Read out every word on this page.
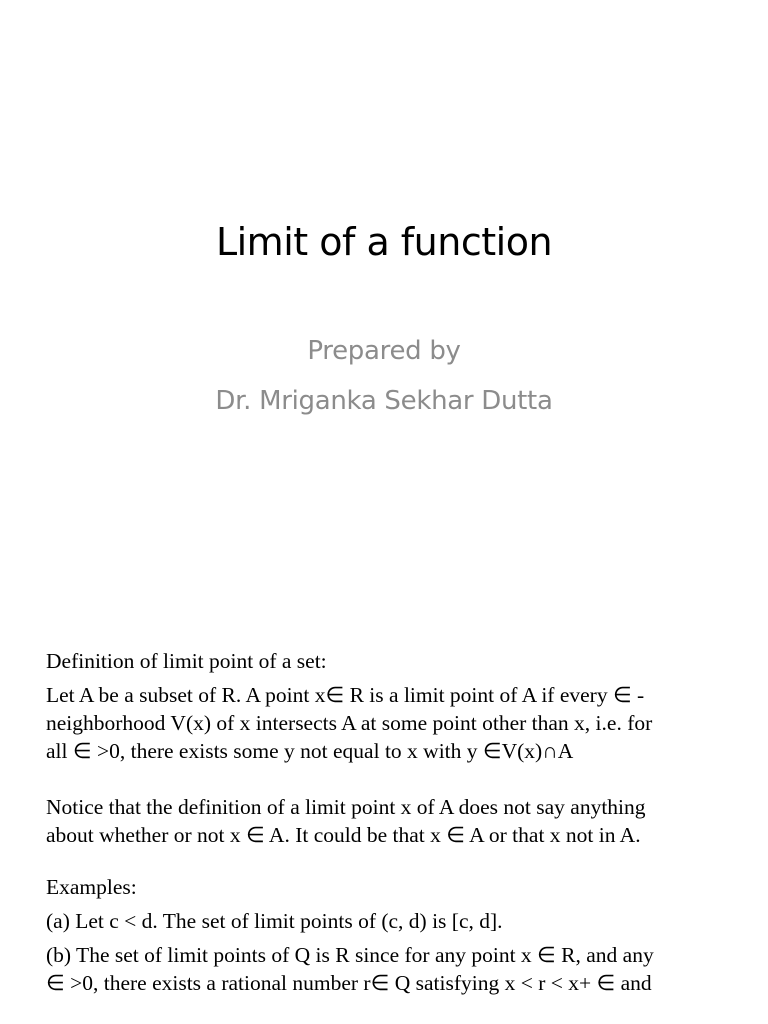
Limit of a function
Prepared by
Dr. Mriganka Sekhar Dutta

Definition of limit point of a set:

Let A be a subset of R. A point x∈ R is a limit point of A if every ∈ -

neighborhood V(x) of x intersects A at some point other than x, i.e. for

all ∈ >0, there exists some y not equal to x with y ∈V(x)∩A

Notice that the definition of a limit point x of A does not say anything

about whether or not x ∈ A. It could be that x ∈ A or that x not in A.

Examples:

(a) Let c < d. The set of limit points of (c, d) is [c, d].

(b) The set of limit points of Q is R since for any point x ∈ R, and any

∈ >0, there exists a rational number r∈ Q satisfying x < r < x+ ∈ and
